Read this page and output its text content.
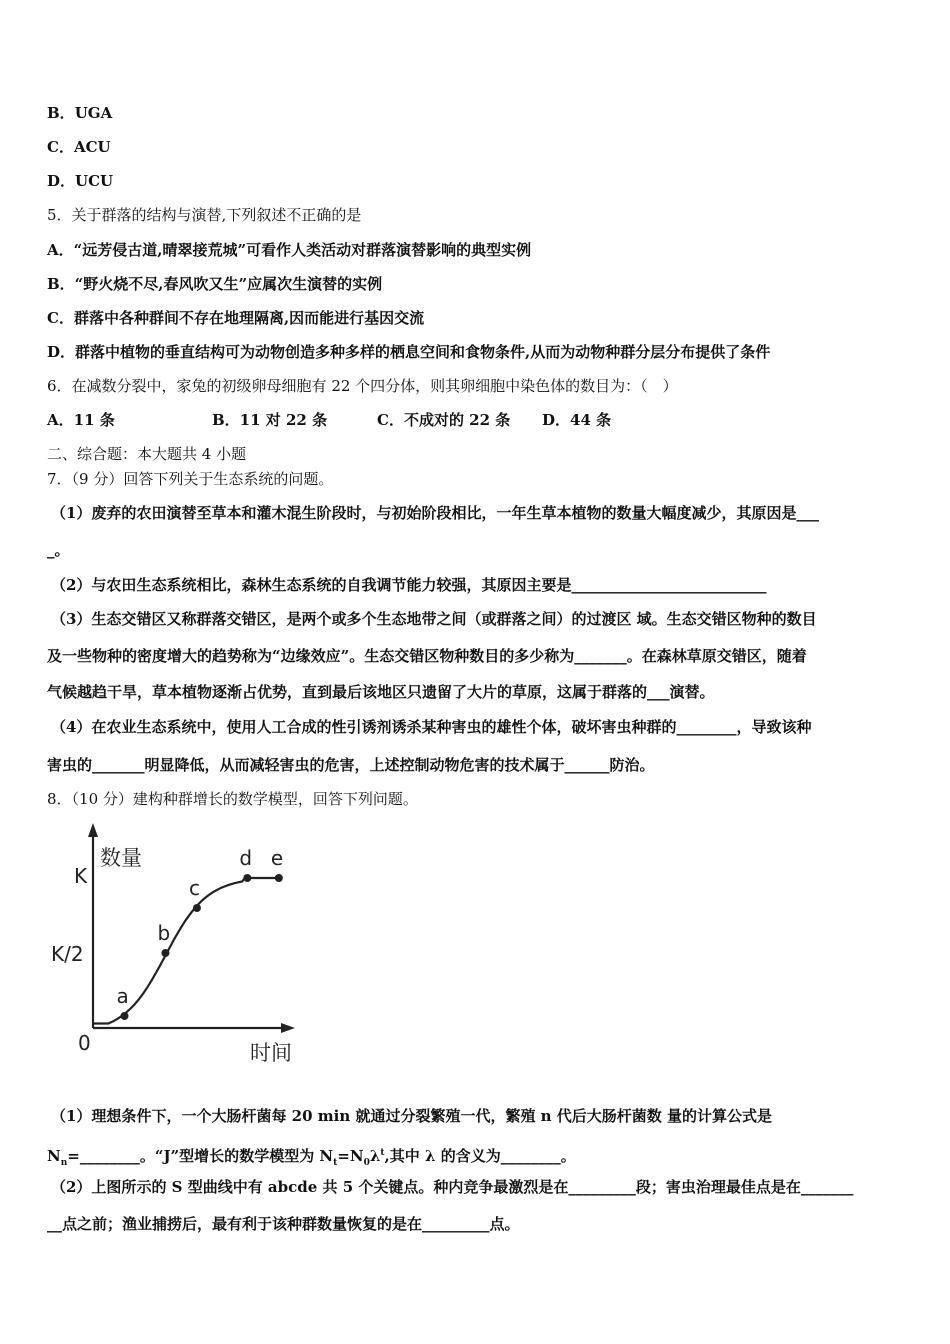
B．UGA
C．ACU
D．UCU
5．关于群落的结构与演替,下列叙述不正确的是
A．“远芳侵古道,晴翠接荒城”可看作人类活动对群落演替影响的典型实例
B．“野火烧不尽,春风吹又生”应属次生演替的实例
C．群落中各种群间不存在地理隔离,因而能进行基因交流
D．群落中植物的垂直结构可为动物创造多种多样的栖息空间和食物条件,从而为动物种群分层分布提供了条件
6．在减数分裂中，家兔的初级卵母细胞有 22 个四分体，则其卵细胞中染色体的数目为：（　）
A．11 条	B．11 对 22 条	C．不成对的 22 条 D．44 条
二、综合题：本大题共 4 小题
7．（9 分）回答下列关于生态系统的问题。
（1）废弃的农田演替至草本和灌木混生阶段时，与初始阶段相比，一年生草本植物的数量大幅度减少，其原因是___
_。
（2）与农田生态系统相比，森林生态系统的自我调节能力较强，其原因主要是__________________________
（3）生态交错区又称群落交错区，是两个或多个生态地带之间（或群落之间）的过渡区 域。生态交错区物种的数目
及一些物种的密度增大的趋势称为“边缘效应”。生态交错区物种数目的多少称为_______。在森林草原交错区，随着
气候越趋干旱，草本植物逐渐占优势，直到最后该地区只遗留了大片的草原，这属于群落的___演替。
（4）在农业生态系统中，使用人工合成的性引诱剂诱杀某种害虫的雄性个体，破坏害虫种群的________，导致该种
害虫的_______明显降低，从而减轻害虫的危害，上述控制动物危害的技术属于______防治。
8．（10 分）建构种群增长的数学模型，回答下列问题。
数量
时间
0
K
K/2
a
b
c
d e
（1）理想条件下，一个大肠杆菌每 20 min 就通过分裂繁殖一代，繁殖 n 代后大肠杆菌数 量的计算公式是
$N_n=\_\_\_\_\_\_\_\_$。“J”型增长的数学模型为 $N_t=N_0\lambda^t$,其中 λ 的含义为________。
（2）上图所示的 S 型曲线中有 abcde 共 5 个关键点。种内竞争最激烈是在_________段；害虫治理最佳点是在_______
__点之前；渔业捕捞后，最有利于该种群数量恢复的是在_________点。
